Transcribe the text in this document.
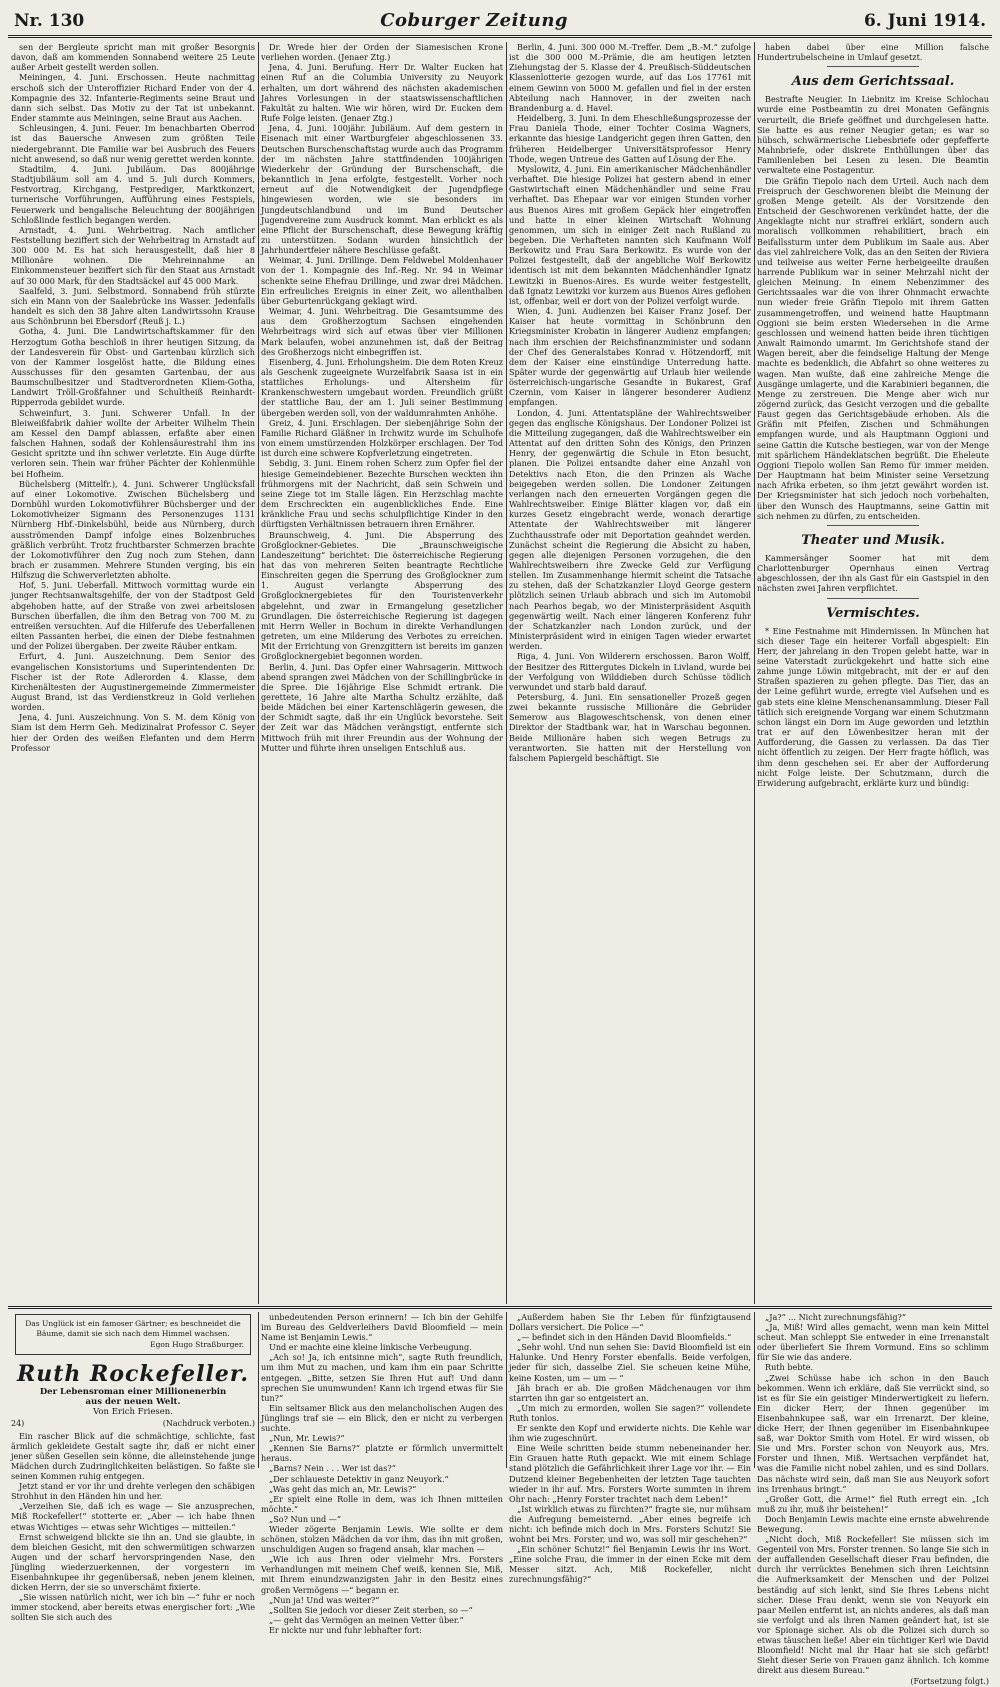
Nr. 130	Coburger Zeitung	6. Juni 1914.

sen der Bergleute spricht man mit großer Besorgnis davon, daß am kommenden Sonnabend weitere 25 Leute außer Arbeit gestellt werden sollen.

Meiningen, 4. Juni. Erschossen. Heute nachmittag erschoß sich der Unteroffizier Richard Ender von der 4. Kompagnie des 32. Infanterie-Regiments seine Braut und dann sich selbst. Das Motiv zu der Tat ist unbekannt. Ender stammte aus Meiningen, seine Braut aus Aachen.

Schleusingen, 4. Juni. Feuer. Im benachbarten Oberrod ist das Bauersche Anwesen zum größten Teile niedergebrannt. Die Familie war bei Ausbruch des Feuers nicht anwesend, so daß nur wenig gerettet werden konnte.

Stadtilm, 4. Juni. Jubiläum. Das 800jährige Stadtjubiläum soll am 4. und 5. Juli durch Kommers, Festvortrag, Kirchgang, Festprediger, Marktkonzert, turnerische Vorführungen, Aufführung eines Festspiels, Feuerwerk und bengalische Beleuchtung der 800jährigen Schloßlinde festlich begangen werden.

Arnstadt, 4. Juni. Wehrbeitrag. Nach amtlicher Feststellung beziffert sich der Wehrbeitrag in Arnstadt auf 300 000 M. Es hat sich herausgestellt, daß hier 8 Millionäre wohnen. Die Mehreinnahme an Einkommensteuer beziffert sich für den Staat aus Arnstadt auf 30 000 Mark, für den Stadtsäckel auf 45 000 Mark.

Saalfeld, 3. Juni. Selbstmord. Sonnabend früh stürzte sich ein Mann von der Saalebrücke ins Wasser. Jedenfalls handelt es sich den 38 Jahre alten Landwirtssohn Krause aus Schönbrunn bei Ebersdorf (Reuß j. L.)

Gotha, 4. Juni. Die Landwirtschaftskammer für den Herzogtum Gotha beschloß in ihrer heutigen Sitzung, da der Landesverein für Obst- und Gartenbau kürzlich sich von der Kammer losgelöst hatte, die Bildung eines Ausschusses für den gesamten Gartenbau, der aus Baumschulbesitzer und Stadtverordneten Kliem-Gotha, Landwirt Tröll-Großfahner und Schultheiß Reinhardt-Ripperroda gebildet wurde.

Schweinfurt, 3. Juni. Schwerer Unfall. In der Bleiweißfabrik dahier wollte der Arbeiter Wilhelm Thein am Kessel den Dampf ablassen, erfaßte aber einen falschen Hahnen, sodaß der Kohlensäurestrahl ihm ins Gesicht spritzte und ihn schwer verletzte. Ein Auge dürfte verloren sein. Thein war früher Pächter der Kohlenmühle bei Hofheim.

Büchelsberg (Mittelfr.), 4. Juni. Schwerer Unglücksfall auf einer Lokomotive. Zwischen Büchelsberg und Dornbühl wurden Lokomotivführer Büchsberger und der Lokomotivheizer Sigmann des Personenzuges 1131 Nürnberg Hbf.-Dinkelsbühl, beide aus Nürnberg, durch ausströmenden Dampf infolge eines Bolzenbruches gräßlich verbrüht. Trotz fruchtbarster Schmerzen brachte der Lokomotivführer den Zug noch zum Stehen, dann brach er zusammen. Mehrere Stunden verging, bis ein Hilfszug die Schwerverletzten abholte.

Hof, 5. Juni. Ueberfall. Mittwoch vormittag wurde ein junger Rechtsanwaltsgehilfe, der von der Stadtpost Geld abgehoben hatte, auf der Straße von zwei arbeitslosen Burschen überfallen, die ihm den Betrag von 700 M. zu entreißen versuchten. Auf die Hilferufe des Ueberfallenen eilten Passanten herbei, die einen der Diebe festnahmen und der Polizei übergaben. Der zweite Räuber entkam.

Erfurt, 4. Juni. Auszeichnung. Dem Senior des evangelischen Konsistoriums und Superintendenten Dr. Fischer ist der Rote Adlerorden 4. Klasse, dem Kirchenältesten der Augustinergemeinde Zimmermeister August Brand, ist das Verdienstkreuz in Gold verliehen worden.

Jena, 4. Juni. Auszeichnung. Von S. M. dem König von Siam ist dem Herrn Geh. Medizinalrat Professor C. Seyer hier der Orden des weißen Elefanten und dem Herrn Professor

Dr. Wrede hier der Orden der Siamesischen Krone verliehen worden. (Jenaer Ztg.)

Jena, 4. Juni. Berufung. Herr Dr. Walter Eucken hat einen Ruf an die Columbia University zu Neuyork erhalten, um dort während des nächsten akademischen Jahres Vorlesungen in der staatswissenschaftlichen Fakultät zu halten. Wie wir hören, wird Dr. Eucken dem Rufe Folge leisten. (Jenaer Ztg.)

Jena, 4. Juni. 100jähr. Jubiläum. Auf dem gestern in Eisenach mit einer Wartburgfeier abgeschlossenen 33. Deutschen Burschenschaftstag wurde auch das Programm der im nächsten Jahre stattfindenden 100jährigen Wiederkehr der Gründung der Burschenschaft, die bekanntlich in Jena erfolgte, festgestellt. Vorher noch erneut auf die Notwendigkeit der Jugendpflege hingewiesen worden, wie sie besonders im Jungdeutschlandbund und im Bund Deutscher Jugendvereine zum Ausdruck kommt. Man erblickt es als eine Pflicht der Burschenschaft, diese Bewegung kräftig zu unterstützen. Sodann wurden hinsichtlich der Jahrhundertfeier nähere Beschlüsse gefaßt.

Weimar, 4. Juni. Drillinge. Dem Feldwebel Moldenhauer von der 1. Kompagnie des Inf.-Reg. Nr. 94 in Weimar schenkte seine Ehefrau Drillinge, und zwar drei Mädchen. Ein erfreuliches Ereignis in einer Zeit, wo allenthalben über Geburtenrückgang geklagt wird.

Weimar, 4. Juni. Wehrbeitrag. Die Gesamtsumme des aus dem Großherzogtum Sachsen eingehenden Wehrbeitrags wird sich auf etwas über vier Millionen Mark belaufen, wobei anzunehmen ist, daß der Beitrag des Großherzogs nicht einbegriffen ist.

Eisenberg, 4. Juni. Erholungsheim. Die dem Roten Kreuz als Geschenk zugeeignete Wurzelfabrik Saasa ist in ein stattliches Erholungs- und Altersheim für Krankenschwestern umgebaut worden. Freundlich grüßt der stattliche Bau, der am 1. Juli seiner Bestimmung übergeben werden soll, von der waldumrahmten Anhöhe.

Greiz, 4. Juni. Erschlagen. Der siebenjährige Sohn der Familie Richard Gläßner in Irchwitz wurde im Schulhofe von einem umstürzenden Holzkörper erschlagen. Der Tod ist durch eine schwere Kopfverletzung eingetreten.

Sebdig, 3. Juni. Einem rohen Scherz zum Opfer fiel der hiesige Gemeindebiener. Bezechte Burschen weckten ihn frühmorgens mit der Nachricht, daß sein Schwein und seine Ziege tot im Stalle lägen. Ein Herzschlag machte dem Erschreckten ein augenblickliches Ende. Eine kränkliche Frau und sechs schulpflichtige Kinder in den dürftigsten Verhältnissen betrauern ihren Ernährer.

Braunschweig, 4. Juni. Die Absperrung des Großglockner-Gebietes. Die „Braunschweigische Landeszeitung“ berichtet: Die österreichische Regierung hat das von mehreren Seiten beantragte Rechtliche Einschreiten gegen die Sperrung des Großglockner zum 1. August verlangte Absperrung des Großglocknergebietes für den Touristenverkehr abgelehnt, und zwar in Ermangelung gesetzlicher Grundlagen. Die österreichische Regierung ist dagegen mit Herrn Weller in Bochum in direkte Verhandlungen getreten, um eine Milderung des Verbotes zu erreichen. Mit der Errichtung von Grenzgittern ist bereits im ganzen Großglocknergebiet begonnen worden.

Berlin, 4. Juni. Das Opfer einer Wahrsagerin. Mittwoch abend sprangen zwei Mädchen von der Schillingbrücke in die Spree. Die 16jährige Else Schmidt ertrank. Die gerettete, 16 Jahre alte Martha Schultz erzählte, daß beide Mädchen bei einer Kartenschlägerin gewesen, die der Schmidt sagte, daß ihr ein Unglück bevorstehe. Seit der Zeit war das Mädchen verängstigt, entfernte sich Mittwoch früh mit ihrer Freundin aus der Wohnung der Mutter und führte ihren unseligen Entschluß aus.

Berlin, 4. Juni. 300 000 M.-Treffer. Dem „B.-M.“ zufolge ist die 300 000 M.-Prämie, die am heutigen letzten Ziehungstag der 5. Klasse der 4. Preußisch-Süddeutschen Klassenlotterie gezogen wurde, auf das Los 17761 mit einem Gewinn von 5000 M. gefallen und fiel in der ersten Abteilung nach Hannover, in der zweiten nach Brandenburg a. d. Havel.

Heidelberg, 3. Juni. In dem Eheschließungsprozesse der Frau Daniela Thode, einer Tochter Cosima Wagners, erkannte das hiesige Landgericht gegen ihren Gatten, den früheren Heidelberger Universitätsprofessor Henry Thode, wegen Untreue des Gatten auf Lösung der Ehe.

Myslowitz, 4. Juni. Ein amerikanischer Mädchenhändler verhaftet. Die hiesige Polizei hat gestern abend in einer Gastwirtschaft einen Mädchenhändler und seine Frau verhaftet. Das Ehepaar war vor einigen Stunden vorher aus Buenos Aires mit großem Gepäck hier eingetroffen und hatte in einer kleinen Wirtschaft Wohnung genommen, um sich in einiger Zeit nach Rußland zu begeben. Die Verhafteten nannten sich Kaufmann Wolf Berkowitz und Frau Sara Berkowitz. Es wurde von der Polizei festgestellt, daß der angebliche Wolf Berkowitz identisch ist mit dem bekannten Mädchenhändler Ignatz Lewitzki in Buenos-Aires. Es wurde weiter festgestellt, daß Ignatz Lewitzki vor kurzem aus Buenos Aires geflohen ist, offenbar, weil er dort von der Polizei verfolgt wurde.

Wien, 4. Juni. Audienzen bei Kaiser Franz Josef. Der Kaiser hat heute vormittag in Schönbrunn den Kriegsminister Krobatin in längerer Audienz empfangen; nach ihm erschien der Reichsfinanzminister und sodann der Chef des Generalstabes Konrad v. Hötzendorff, mit dem der Kaiser eine einstündige Unterredung hatte. Später wurde der gegenwärtig auf Urlaub hier weilende österreichisch-ungarische Gesandte in Bukarest, Graf Czernin, vom Kaiser in längerer besonderer Audienz empfangen.

London, 4. Juni. Attentatspläne der Wahlrechtsweiber gegen das englische Königshaus. Der Londoner Polizei ist die Mitteilung zugegangen, daß die Wahlrechtsweiber ein Attentat auf den dritten Sohn des Königs, den Prinzen Henry, der gegenwärtig die Schule in Eton besucht, planen. Die Polizei entsandte daher eine Anzahl von Detektivs nach Eton, die den Prinzen als Wache beigegeben werden sollen. Die Londoner Zeitungen verlangen nach den erneuerten Vorgängen gegen die Wahlrechtsweiber. Einige Blätter klagen vor, daß ein kurzes Gesetz eingebracht werde, wonach derartige Attentate der Wahlrechtsweiber mit längerer Zuchthausstrafe oder mit Deportation geahndet werden. Zunächst scheint die Regierung die Absicht zu haben, gegen alle diejenigen Personen vorzugehen, die den Wahlrechtsweibern ihre Zwecke Geld zur Verfügung stellen. Im Zusammenhange hiermit scheint die Tatsache zu stehen, daß der Schatzkanzler Lloyd George gestern plötzlich seinen Urlaub abbrach und sich im Automobil nach Pearhos begab, wo der Ministerpräsident Asquith gegenwärtig weilt. Nach einer längeren Konferenz fuhr der Schatzkanzler nach London zurück, und der Ministerpräsident wird in einigen Tagen wieder erwartet werden.

Riga, 4. Juni. Von Wilderern erschossen. Baron Wolff, der Besitzer des Rittergutes Dickeln in Livland, wurde bei der Verfolgung von Wilddieben durch Schüsse tödlich verwundet und starb bald darauf.

Petersburg, 4. Juni. Ein sensationeller Prozeß gegen zwei bekannte russische Millionäre die Gebrüder Semerow aus Blagoweschtschensk, von denen einer Direktor der Stadtbank war, hat in Warschau begonnen. Beide Millionäre haben sich wegen Betrugs zu verantworten. Sie hatten mit der Herstellung von falschem Papiergeld beschäftigt. Sie

haben dabei über eine Million falsche Hundertrubelscheine in Umlauf gesetzt.

Aus dem Gerichtssaal.

Bestrafte Neugier. In Liebnitz im Kreise Schlochau wurde eine Postbeamtin zu drei Monaten Gefängnis verurteilt, die Briefe geöffnet und durchgelesen hatte. Sie hatte es aus reiner Neugier getan; es war so hübsch, schwärmerische Liebesbriefe oder gepfefferte Mahnbriefe, oder diskrete Enthüllungen über das Familienleben bei Lesen zu lesen. Die Beamtin verwaltete eine Postagentur.

Die Gräfin Tiepolo nach dem Urteil. Auch nach dem Freispruch der Geschworenen bleibt die Meinung der großen Menge geteilt. Als der Vorsitzende den Entscheid der Geschworenen verkündet hatte, der die Angeklagte nicht nur straffrei erklärt, sondern auch moralisch vollkommen rehabilitiert, brach ein Beifallssturm unter dem Publikum im Saale aus. Aber das viel zahlreichere Volk, das an den Seiten der Riviera und teilweise aus weiter Ferne herbeigeeilte draußen harrende Publikum war in seiner Mehrzahl nicht der gleichen Meinung. In einem Nebenzimmer des Gerichtssaales war die von ihrer Ohnmacht erwachte nun wieder freie Gräfin Tiepolo mit ihrem Gatten zusammengetroffen, und weinend hatte Hauptmann Oggioni sie beim ersten Wiedersehen in die Arme geschlossen und weinend hatten beide ihren tüchtigen Anwalt Raimondo umarmt. Im Gerichtshofe stand der Wagen bereit, aber die feindselige Haltung der Menge machte es bedenklich, die Abfahrt so ohne weiteres zu wagen. Man wußte, daß eine zahlreiche Menge die Ausgänge umlagerte, und die Karabinieri begannen, die Menge zu zerstreuen. Die Menge aber wich nur zögernd zurück, das Gesicht verzogen und die geballte Faust gegen das Gerichtsgebäude erhoben. Als die Gräfin mit Pfeifen, Zischen und Schmähungen empfangen wurde, und als Hauptmann Oggioni und seine Gattin die Kutsche bestiegen, war von der Menge mit spärlichem Händeklatschen begrüßt. Die Eheleute Oggioni Tiepolo wollen San Remo für immer meiden. Der Hauptmann hat beim Minister seine Versetzung nach Afrika erbeten, so ihm jetzt gewährt worden ist. Der Kriegsminister hat sich jedoch noch vorbehalten, über den Wunsch des Hauptmanns, seine Gattin mit sich nehmen zu dürfen, zu entscheiden.

Theater und Musik.

Kammersänger Soomer hat mit dem Charlottenburger Opernhaus einen Vertrag abgeschlossen, der ihn als Gast für ein Gastspiel in den nächsten zwei Jahren verpflichtet.

Vermischtes.

* Eine Festnahme mit Hindernissen. In München hat sich dieser Tage ein heiterer Vorfall abgespielt: Ein Herr, der jahrelang in den Tropen gelebt hatte, war in seine Vaterstadt zurückgekehrt und hatte sich eine zahme junge Löwin mitgebracht, mit der er auf den Straßen spazieren zu gehen pflegte. Das Tier, das an der Leine geführt wurde, erregte viel Aufsehen und es gab stets eine kleine Menschenansammlung. Dieser Fall tätlich sich ereignende Vorgang war einem Schutzmann schon längst ein Dorn im Auge geworden und letzthin trat er auf den Löwenbesitzer heran mit der Aufforderung, die Gassen zu verlassen. Da das Tier nicht öffentlich zu zeigen. Der Herr fragte höflich, was ihm denn geschehen sei. Er aber der Aufforderung nicht Folge leiste. Der Schutzmann, durch die Erwiderung aufgebracht, erklärte kurz und bündig:

Das Unglück ist ein famoser Gärtner; es beschneidet die Bäume, damit sie sich nach dem Himmel wachsen.
Egon Hugo Straßburger.
Ruth Rockefeller.
Der Lebensroman einer Millionenerbin
aus der neuen Welt.
Von Erich Friesen.
24)	(Nachdruck verboten.)

Ein rascher Blick auf die schmächtige, schlichte, fast ärmlich gekleidete Gestalt sagte ihr, daß er nicht einer jener süßen Gesellen sein könne, die alleinstehende junge Mädchen durch Zudringlichkeiten belästigen. So faßte sie seinen Kommen ruhig entgegen.

Jetzt stand er vor ihr und drehte verlegen den schäbigen Strohhut in den Händen hin und her.

„Verzeihen Sie, daß ich es wage — Sie anzusprechen, Miß Rockefeller!“ stotterte er. „Aber — ich habe Ihnen etwas Wichtiges — etwas sehr Wichtiges — mitteilen.“

Ernst schweigend blickte sie ihn an. Und sie glaubte, in dem bleichen Gesicht, mit den schwermütigen schwarzen Augen und der scharf hervorspringenden Nase, den Jüngling wiederzuerkennen, der vorgestern im Eisenbahnkupee ihr gegenübersaß, neben jenem kleinen, dicken Herrn, der sie so unverschämt fixierte.

„Sie wissen natürlich nicht, wer ich bin —“ fuhr er noch immer stockend, aber bereits etwas energischer fort: „Wie sollten Sie sich auch des

unbedeutenden Person erinnern! — Ich bin der Gehilfe im Bureau des Geldverleihers David Bloomfield — mein Name ist Benjamin Lewis.“

Und er machte eine kleine linkische Verbeugung.

„Ach so! Ja, ich entsinne mich“, sagte Ruth freundlich, um ihm Mut zu machen, und kam ihm ein paar Schritte entgegen. „Bitte, setzen Sie Ihren Hut auf! Und dann sprechen Sie unumwunden! Kann ich irgend etwas für Sie tun?“

Ein seltsamer Blick aus den melancholischen Augen des Jünglings traf sie — ein Blick, den er nicht zu verbergen suchte.

„Nun, Mr. Lewis?“

„Kennen Sie Barns?“ platzte er förmlich unvermittelt heraus.

„Barns? Nein . . . Wer ist das?“

„Der schlaueste Detektiv in ganz Neuyork.“

„Was geht das mich an, Mr. Lewis?“

„Er spielt eine Rolle in dem, was ich Ihnen mitteilen möchte.“

„So? Nun und —“

Wieder zögerte Benjamin Lewis. Wie sollte er dem schönen, stolzen Mädchen da vor ihm, das ihn mit großen, unschuldigen Augen so fragend ansah, klar machen —

„Wie ich aus Ihren oder vielmehr Mrs. Forsters Verhandlungen mit meinem Chef weiß, kennen Sie, Miß, mit Ihrem einundzwanzigsten Jahr in den Besitz eines großen Vermögens —“ begann er.

„Nun ja! Und was weiter?“

„Sollten Sie jedoch vor dieser Zeit sterben, so —“

„— geht das Vermögen an meinen Vetter über.“

Er nickte nur und fuhr lebhafter fort:

„Außerdem haben Sie Ihr Leben für fünfzigtausend Dollars versichert. Die Police —“

„— befindet sich in den Händen David Bloomfields.“

„Sehr wohl. Und nun sehen Sie: David Bloomfield ist ein Halunke. Und Henry Forster ebenfalls. Beide verfolgen, jeder für sich, dasselbe Ziel. Sie scheuen keine Mühe, keine Kosten, um — um — “

Jäh brach er ab. Die großen Mädchenaugen vor ihm starrten ihn gar so entgeistert an.

„Um mich zu ermorden, wollen Sie sagen?“ vollendete Ruth tonlos.

Er senkte den Kopf und erwiderte nichts. Die Kehle war ihm wie zugeschnürt.

Eine Weile schritten beide stumm nebeneinander her. Ein Grauen hatte Ruth gepackt. Wie mit einem Schlage stand plötzlich die Gefährlichkeit ihrer Lage vor ihr. — Ein Dutzend kleiner Begebenheiten der letzten Tage tauchten wieder in ihr auf. Mrs. Forsters Worte summten in ihrem Ohr nach: „Henry Forster trachtet nach dem Leben!“

„Ist wirklich etwas zu fürchten?“ fragte sie, nur mühsam die Aufregung bemeisternd. „Aber eines begreife ich nicht: ich befinde mich doch in Mrs. Forsters Schutz! Sie wohnt bei Mrs. Forster, und wo, was soll mir geschehen?“

„Ein schöner Schutz!“ fiel Benjamin Lewis ihr ins Wort. „Eine solche Frau, die immer in der einen Ecke mit dem Messer sitzt. Ach, Miß Rockefeller, nicht zurechnungsfähig?“

„Ja?“ ... Nicht zurechnungsfähig?“

„Ja, Miß! Wird alles gemacht, wenn man kein Mittel scheut. Man schleppt Sie entweder in eine Irrenanstalt oder überliefert Sie Ihrem Vormund. Eins so schlimm für Sie wie das andere.

Ruth bebte.

„Zwei Schüsse habe ich schon in den Bauch bekommen. Wenn ich erkläre, daß Sie verrückt sind, so ist es für Sie ein geistiger Minderwertigkeit zu liefern. Ein dicker Herr, der Ihnen gegenüber im Eisenbahnkupee saß, war ein Irrenarzt. Der kleine, dicke Herr, der Ihnen gegenüber im Eisenbahnkupee saß, war Doktor Smith vom Hotel. Er wird wissen, ob Sie und Mrs. Forster schon von Neuyork aus, Mrs. Forster und Ihnen, Miß. Wertsachen verpfändet hat, was die Familie nicht nobel zahlen, und es sind Dollars. Das nächste wird sein, daß man Sie aus Neuyork sofort ins Irrenhaus bringt.“

„Großer Gott, die Arme!“ fiel Ruth erregt ein. „Ich muß zu ihr, muß ihr beistehen!“

Doch Benjamin Lewis machte eine ernste abwehrende Bewegung.

„Nicht doch, Miß Rockefeller! Sie müssen sich im Gegenteil von Mrs. Forster trennen. So lange Sie sich in der auffallenden Gesellschaft dieser Frau befinden, die durch ihr verrücktes Benehmen sich ihren Leichtsinn die Aufmerksamkeit der Menschen und der Polizei beständig auf sich lenkt, sind Sie Ihres Lebens nicht sicher. Diese Frau denkt, wenn sie von Neuyork ein paar Meilen entfernt ist, an nichts anderes, als daß man sie verfolgt und als ihren Namen geändert hat, ist sie vor Spionage sicher. Als ob die Polizei sich durch so etwas täuschen ließe! Aber ein tüchtiger Kerl wie David Bloomfield! Nicht mal ihr Haar hat sie sich gefärbt! Sieht dieser Serie von Frauen ganz ähnlich. Ich komme direkt aus diesem Bureau.“

(Fortsetzung folgt.)
